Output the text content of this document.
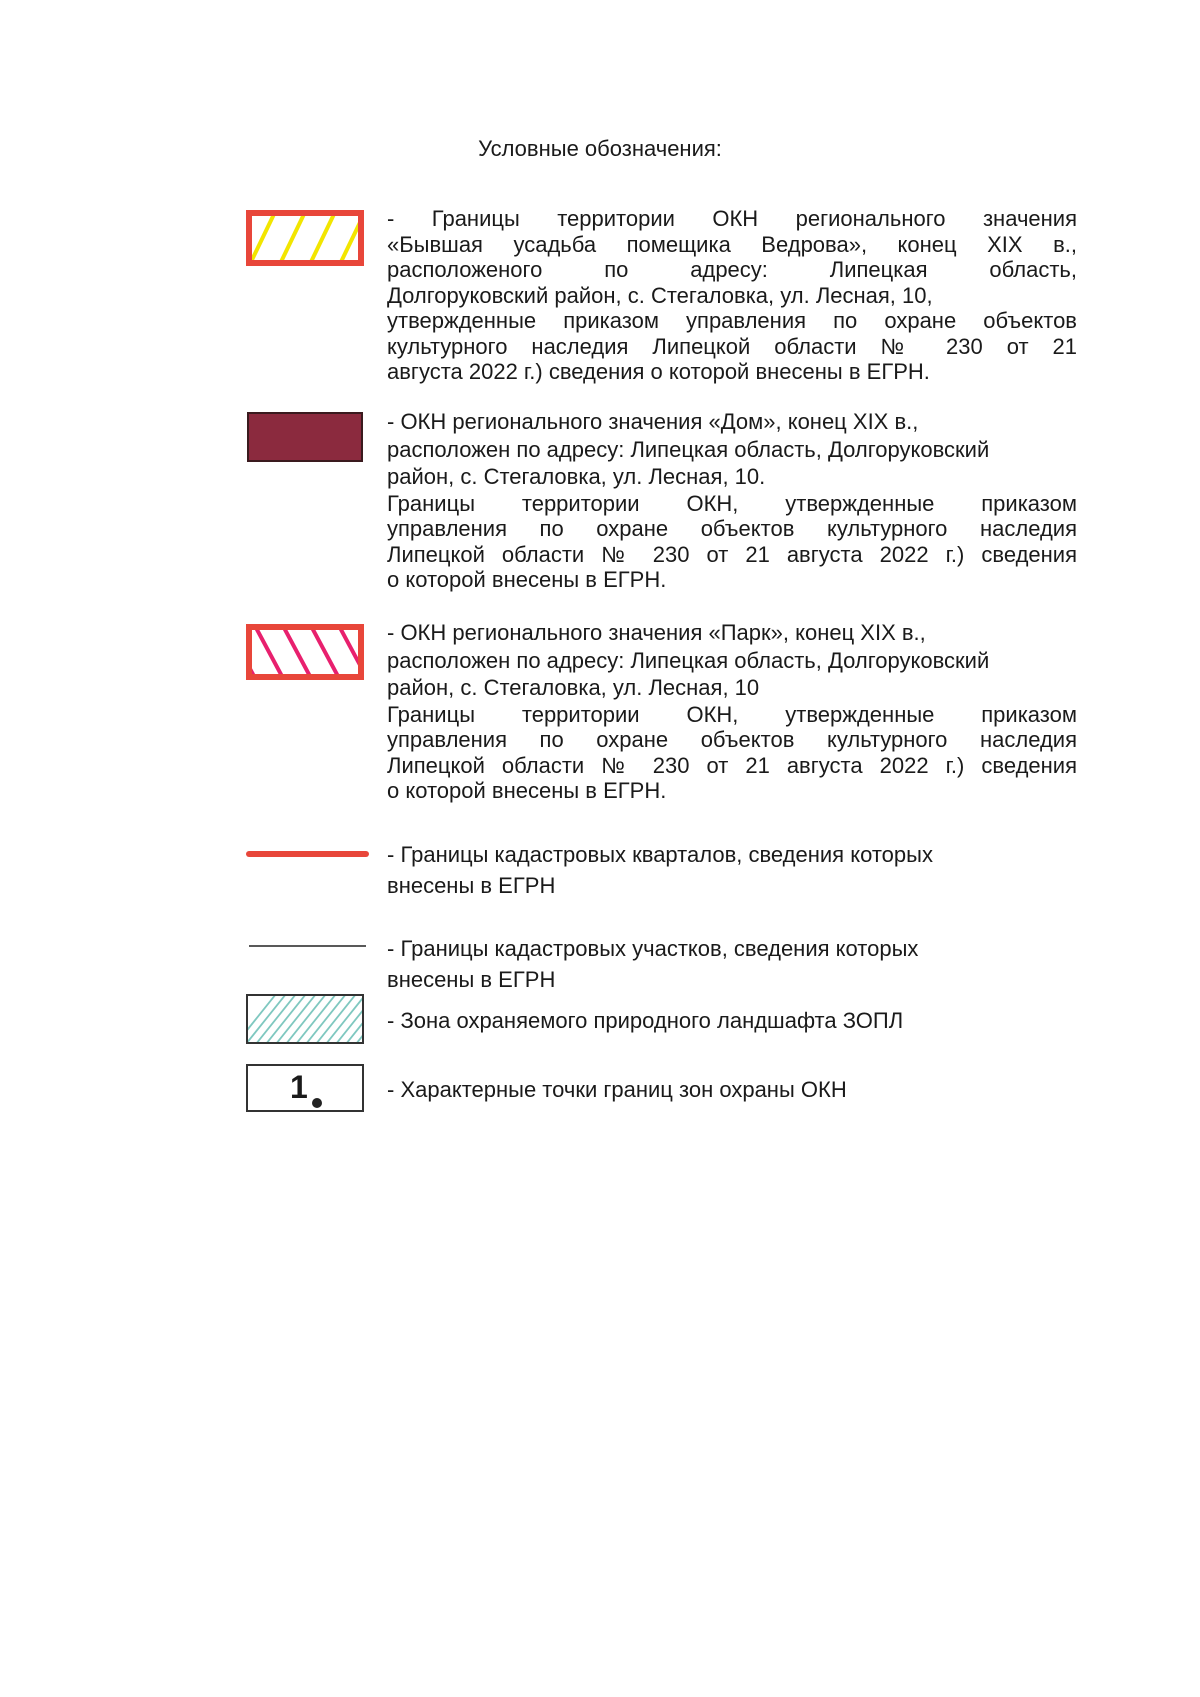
Условные обозначения:

- Границы территории ОКН регионального значения

«Бывшая усадьба помещика Ведрова», конец XIX в.,

расположеного по адресу: Липецкая область,

Долгоруковский район, с. Стегаловка, ул. Лесная, 10,

утвержденные приказом управления по охране объектов

культурного наследия Липецкой области № 230 от 21

августа 2022 г.) сведения о которой внесены в ЕГРН.

- ОКН регионального значения «Дом», конец XIX в.,

расположен по адресу: Липецкая область, Долгоруковский

район, с. Стегаловка, ул. Лесная, 10.

Границы территории ОКН, утвержденные приказом

управления по охране объектов культурного наследия

Липецкой области № 230 от 21 августа 2022 г.) сведения

о которой внесены в ЕГРН.

- ОКН регионального значения «Парк», конец XIX в.,

расположен по адресу: Липецкая область, Долгоруковский

район, с. Стегаловка, ул. Лесная, 10

Границы территории ОКН, утвержденные приказом

управления по охране объектов культурного наследия

Липецкой области № 230 от 21 августа 2022 г.) сведения

о которой внесены в ЕГРН.

- Границы кадастровых кварталов, сведения которых

внесены в ЕГРН

- Границы кадастровых участков, сведения которых

внесены в ЕГРН

- Зона охраняемого природного ландшафта ЗОПЛ

1	- Характерные точки границ зон охраны ОКН
